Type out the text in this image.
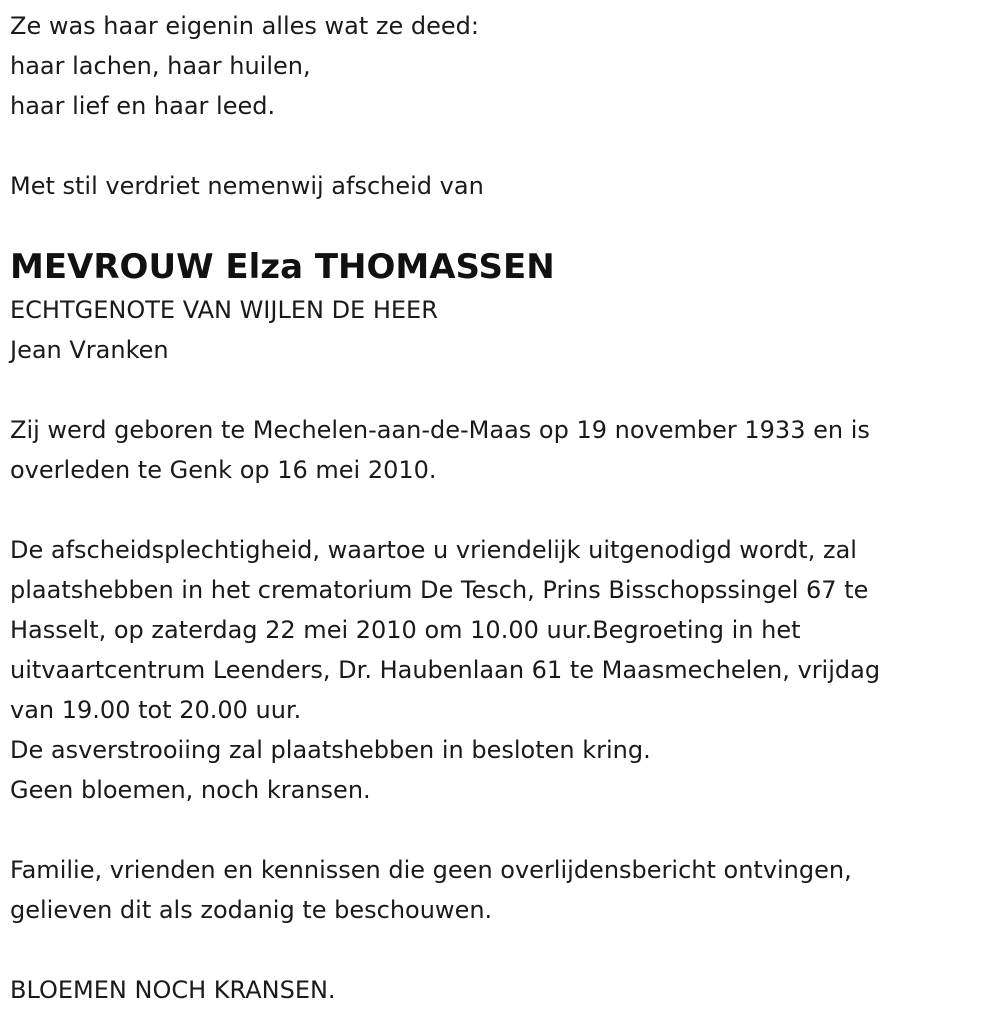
Ze was haar eigenin alles wat ze deed:
haar lachen, haar huilen,
haar lief en haar leed.
Met stil verdriet nemenwij afscheid van
MEVROUW Elza THOMASSEN
ECHTGENOTE VAN WIJLEN DE HEER
Jean Vranken
Zij werd geboren te Mechelen-aan-de-Maas op 19 november 1933 en is
overleden te Genk op 16 mei 2010.
De afscheidsplechtigheid, waartoe u vriendelijk uitgenodigd wordt, zal
plaatshebben in het crematorium De Tesch, Prins Bisschopssingel 67 te
Hasselt, op zaterdag 22 mei 2010 om 10.00 uur.Begroeting in het
uitvaartcentrum Leenders, Dr. Haubenlaan 61 te Maasmechelen, vrijdag
van 19.00 tot 20.00 uur.
De asverstrooiing zal plaatshebben in besloten kring.
Geen bloemen, noch kransen.
Familie, vrienden en kennissen die geen overlijdensbericht ontvingen,
gelieven dit als zodanig te beschouwen.
BLOEMEN NOCH KRANSEN.
